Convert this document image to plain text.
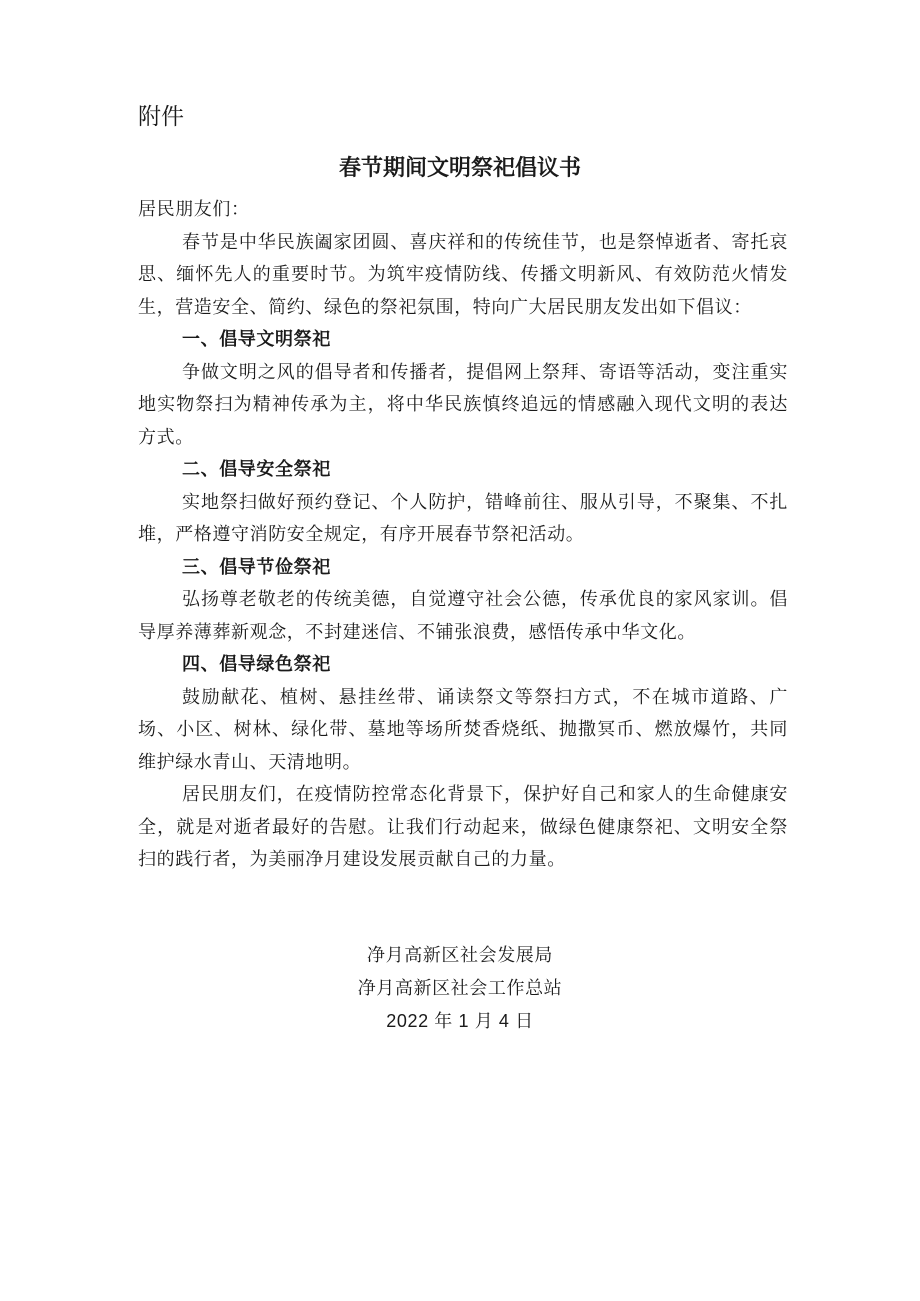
附件
春节期间文明祭祀倡议书

居民朋友们：

春节是中华民族阖家团圆、喜庆祥和的传统佳节，也是祭悼逝者、寄托哀思、缅怀先人的重要时节。为筑牢疫情防线、传播文明新风、有效防范火情发生，营造安全、简约、绿色的祭祀氛围，特向广大居民朋友发出如下倡议：

一、倡导文明祭祀

争做文明之风的倡导者和传播者，提倡网上祭拜、寄语等活动，变注重实地实物祭扫为精神传承为主，将中华民族慎终追远的情感融入现代文明的表达方式。

二、倡导安全祭祀

实地祭扫做好预约登记、个人防护，错峰前往、服从引导，不聚集、不扎堆，严格遵守消防安全规定，有序开展春节祭祀活动。

三、倡导节俭祭祀

弘扬尊老敬老的传统美德，自觉遵守社会公德，传承优良的家风家训。倡导厚养薄葬新观念，不封建迷信、不铺张浪费，感悟传承中华文化。

四、倡导绿色祭祀

鼓励献花、植树、悬挂丝带、诵读祭文等祭扫方式，不在城市道路、广场、小区、树林、绿化带、墓地等场所焚香烧纸、抛撒冥币、燃放爆竹，共同维护绿水青山、天清地明。

居民朋友们，在疫情防控常态化背景下，保护好自己和家人的生命健康安全，就是对逝者最好的告慰。让我们行动起来，做绿色健康祭祀、文明安全祭扫的践行者，为美丽净月建设发展贡献自己的力量。

净月高新区社会发展局
净月高新区社会工作总站
2022 年 1 月 4 日
